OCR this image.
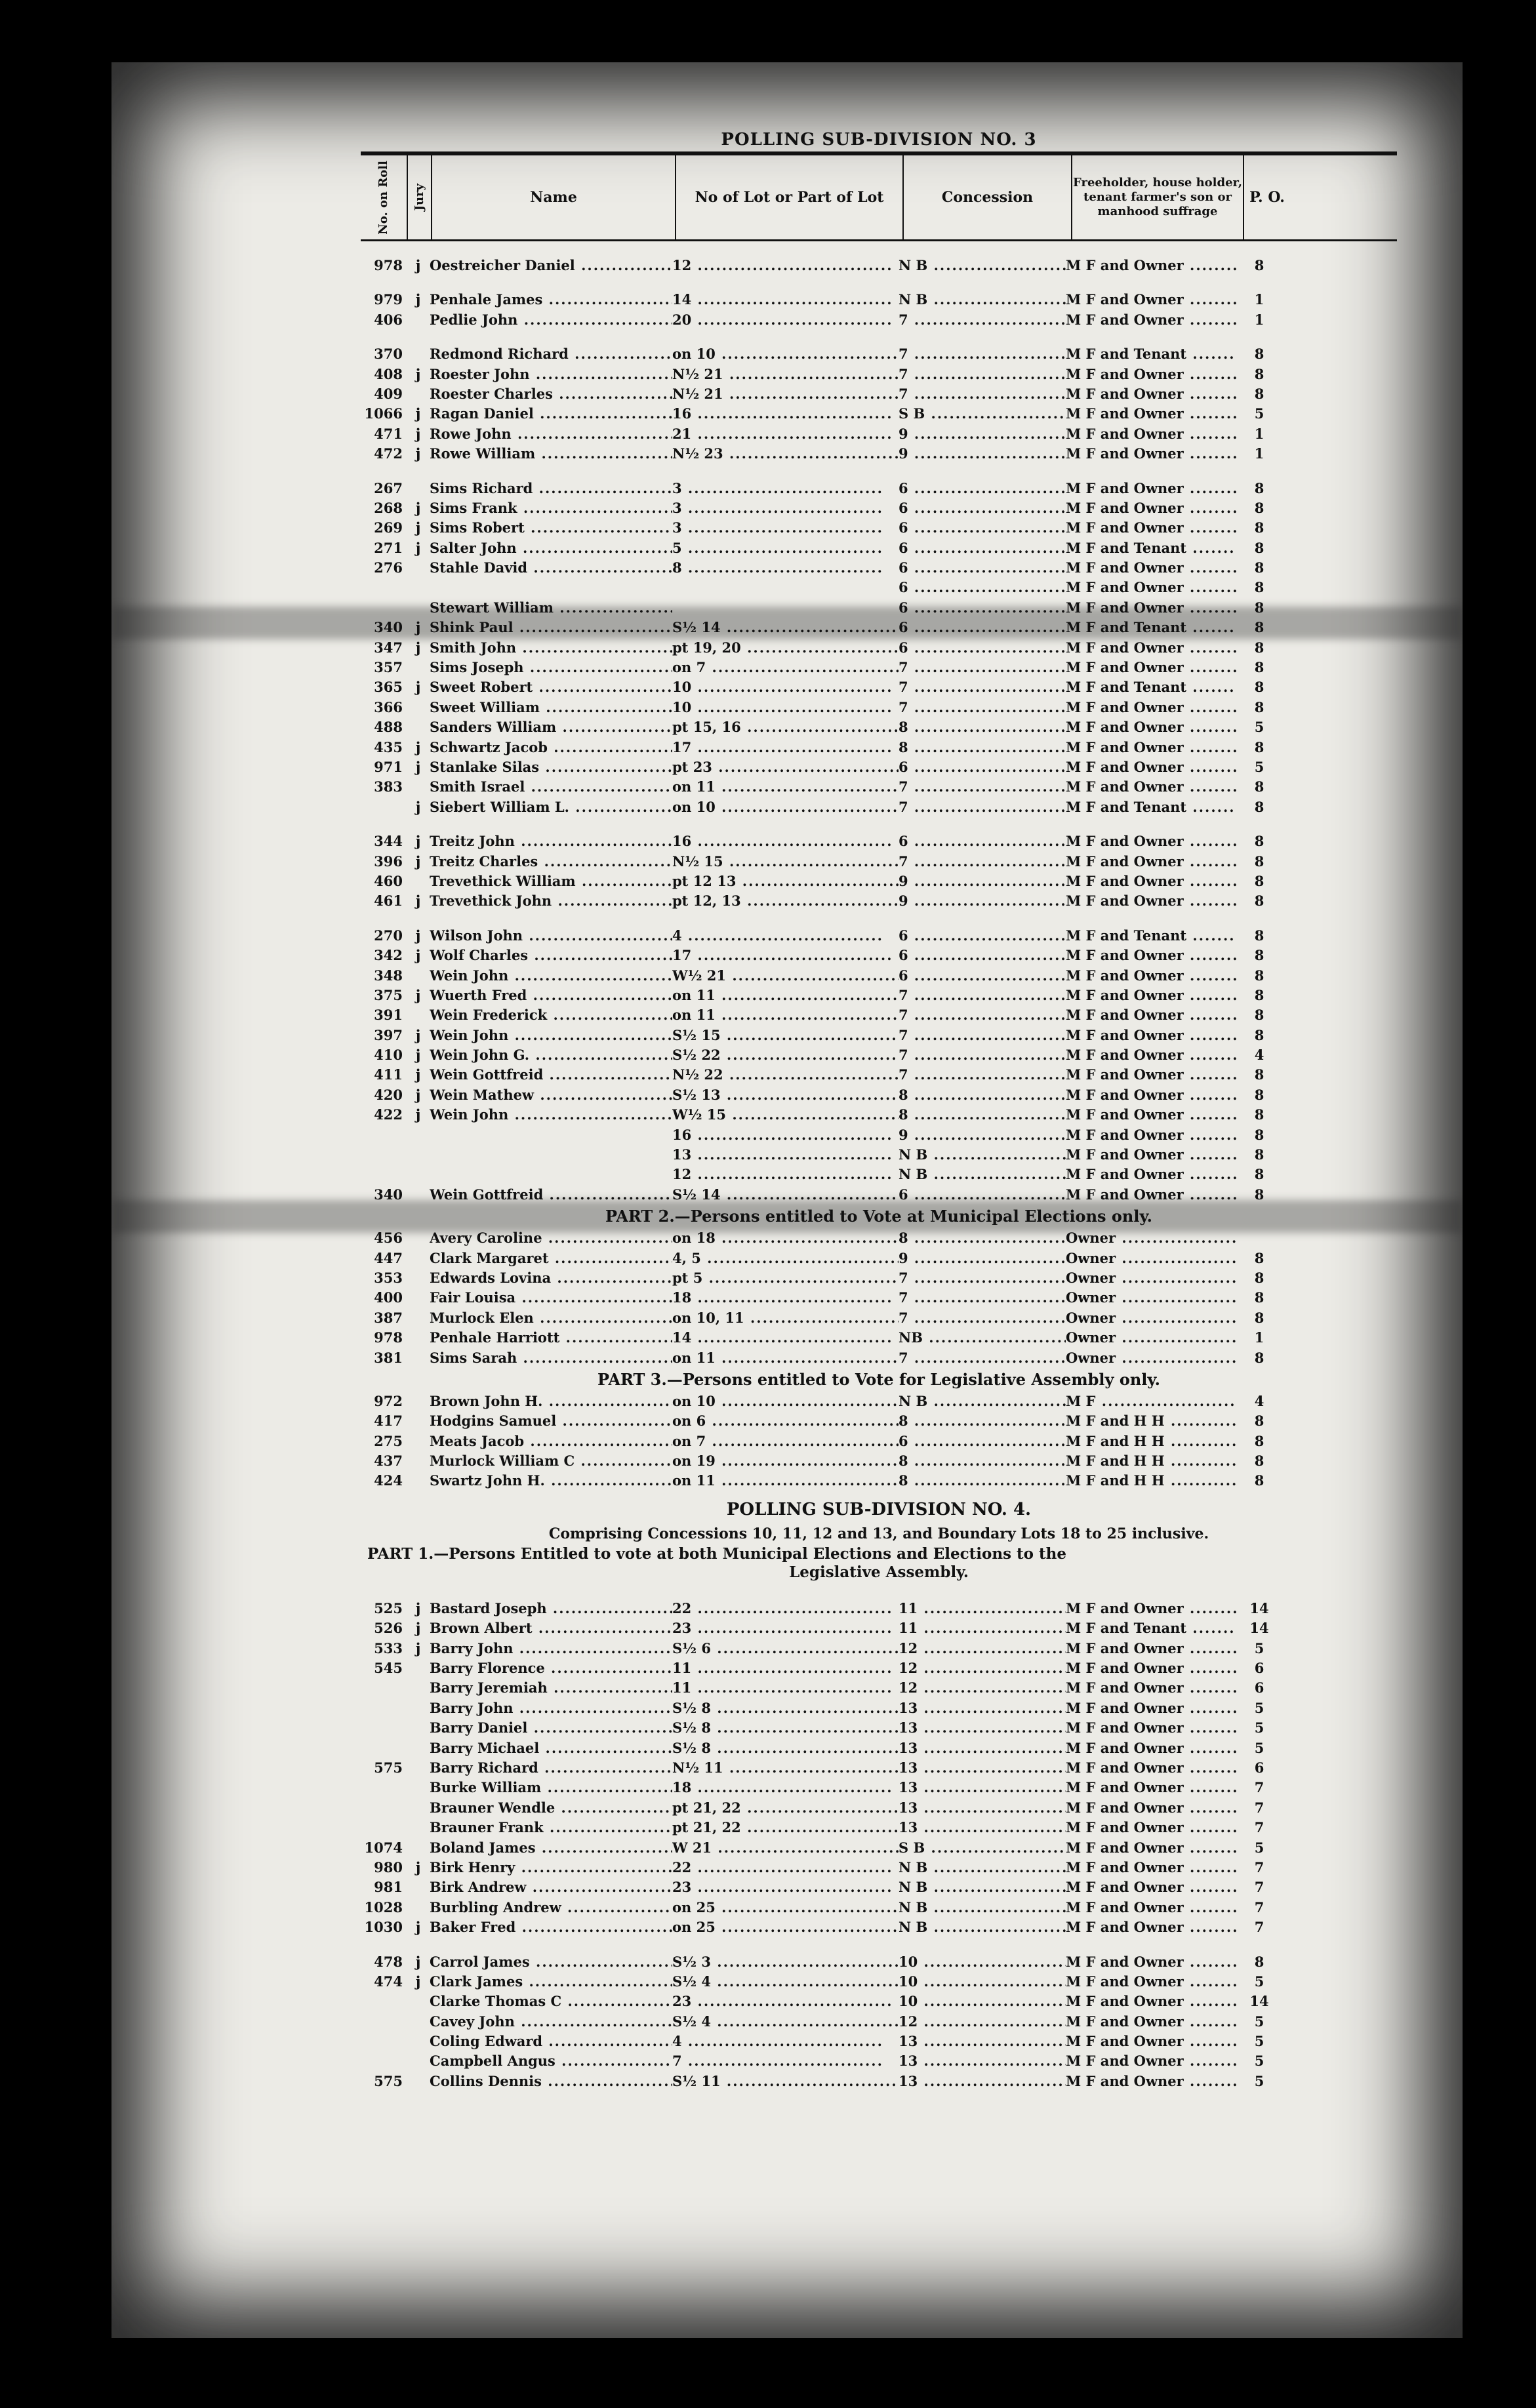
POLLING SUB-DIVISION NO. 3
No. on Roll Jury	Name	No of Lot or Part of Lot	Concession
Freeholder, house holder, tenant farmer's son or manhood suffrage
P. O.
978 j Oestreicher Daniel .....	12 .....	N B .....	M F and Owner .....	8
979 j Penhale James .....	14 .....	N B .....	M F and Owner .....	1
406 Pedlie John .....	20 .....	7 .....	M F and Owner .....	1
370 Redmond Richard .....	on 10 .....	7 .....	M F and Tenant .....	8
408 j Roester John .....	N½ 21 .....	7 .....	M F and Owner .....	8
409 Roester Charles .....	N½ 21 .....	7 .....	M F and Owner .....	8
1066 j Ragan Daniel .....	16 .....	S B .....	M F and Owner .....	5
471 j Rowe John .....	21 .....	9 .....	M F and Owner .....	1
472 j Rowe William .....	N½ 23 .....	9 .....	M F and Owner .....	1
267 Sims Richard .....	3 .....	6 .....	M F and Owner .....	8
268 j Sims Frank .....	3 .....	6 .....	M F and Owner .....	8
269 j Sims Robert .....	3 .....	6 .....	M F and Owner .....	8
271 j Salter John .....	5 .....	6 .....	M F and Tenant .....	8
276 Stahle David .....	8 .....	6 .....	M F and Owner .....	8
6 .....	M F and Owner .....	8
Stewart William .....	6 .....	M F and Owner .....	8
340 j Shink Paul .....	S½ 14 .....	6 .....	M F and Tenant .....	8
347 j Smith John .....	pt 19, 20 .....	6 .....	M F and Owner .....	8
357 Sims Joseph .....	on 7 .....	7 .....	M F and Owner .....	8
365 j Sweet Robert .....	10 .....	7 .....	M F and Tenant .....	8
366 Sweet William .....	10 .....	7 .....	M F and Owner .....	8
488 Sanders William .....	pt 15, 16 .....	8 .....	M F and Owner .....	5
435 j Schwartz Jacob .....	17 .....	8 .....	M F and Owner .....	8
971 j Stanlake Silas .....	pt 23 .....	6 .....	M F and Owner .....	5
383 Smith Israel .....	on 11 .....	7 .....	M F and Owner .....	8
j Siebert William L. .....	on 10 .....	7 .....	M F and Tenant .....	8
344 j Treitz John .....	16 .....	6 .....	M F and Owner .....	8
396 j Treitz Charles .....	N½ 15 .....	7 .....	M F and Owner .....	8
460 Trevethick William .....	pt 12 13 .....	9 .....	M F and Owner .....	8
461 j Trevethick John .....	pt 12, 13 .....	9 .....	M F and Owner .....	8
270 j Wilson John .....	4 .....	6 .....	M F and Tenant .....	8
342 j Wolf Charles .....	17 .....	6 .....	M F and Owner .....	8
348 Wein John .....	W½ 21 .....	6 .....	M F and Owner .....	8
375 j Wuerth Fred .....	on 11 .....	7 .....	M F and Owner .....	8
391 Wein Frederick .....	on 11 .....	7 .....	M F and Owner .....	8
397 j Wein John .....	S½ 15 .....	7 .....	M F and Owner .....	8
410 j Wein John G. .....	S½ 22 .....	7 .....	M F and Owner .....	4
411 j Wein Gottfreid .....	N½ 22 .....	7 .....	M F and Owner .....	8
420 j Wein Mathew .....	S½ 13 .....	8 .....	M F and Owner .....	8
422 j Wein John .....	W½ 15 .....	8 .....	M F and Owner .....	8
16 .....	9 .....	M F and Owner .....	8
13 .....	N B .....	M F and Owner .....	8
12 .....	N B .....	M F and Owner .....	8
340 Wein Gottfreid .....	S½ 14 .....	6 .....	M F and Owner .....	8
PART 2.—Persons entitled to Vote at Municipal Elections only.
456 Avery Caroline .....	on 18 .....	8 .....	Owner .....
447 Clark Margaret .....	4, 5 .....	9 .....	Owner .....	8
353 Edwards Lovina .....	pt 5 .....	7 .....	Owner .....	8
400 Fair Louisa .....	18 .....	7 .....	Owner .....	8
387 Murlock Elen .....	on 10, 11 .....	7 .....	Owner .....	8
978 Penhale Harriott .....	14 .....	NB .....	Owner .....	1
381 Sims Sarah .....	on 11 .....	7 .....	Owner .....	8
PART 3.—Persons entitled to Vote for Legislative Assembly only.
972 Brown John H. .....	on 10 .....	N B .....	M F .....	4
417 Hodgins Samuel .....	on 6 .....	8 .....	M F and H H .....	8
275 Meats Jacob .....	on 7 .....	6 .....	M F and H H .....	8
437 Murlock William C .....	on 19 .....	8 .....	M F and H H .....	8
424 Swartz John H. .....	on 11 .....	8 .....	M F and H H .....	8
POLLING SUB-DIVISION NO. 4.
Comprising Concessions 10, 11, 12 and 13, and Boundary Lots 18 to 25 inclusive.
PART 1.—Persons Entitled to vote at both Municipal Elections and Elections to the
Legislative Assembly.
525 j Bastard Joseph .....	22 .....	11 .....	M F and Owner .....	14
526 j Brown Albert .....	23 .....	11 .....	M F and Tenant .....	14
533 j Barry John .....	S½ 6 .....	12 .....	M F and Owner .....	5
545 Barry Florence .....	11 .....	12 .....	M F and Owner .....	6
Barry Jeremiah .....	11 .....	12 .....	M F and Owner .....	6
Barry John .....	S½ 8 .....	13 .....	M F and Owner .....	5
Barry Daniel .....	S½ 8 .....	13 .....	M F and Owner .....	5
Barry Michael .....	S½ 8 .....	13 .....	M F and Owner .....	5
575 Barry Richard .....	N½ 11 .....	13 .....	M F and Owner .....	6
Burke William .....	18 .....	13 .....	M F and Owner .....	7
Brauner Wendle .....	pt 21, 22 .....	13 .....	M F and Owner .....	7
Brauner Frank .....	pt 21, 22 .....	13 .....	M F and Owner .....	7
1074 Boland James .....	W 21 .....	S B .....	M F and Owner .....	5
980 j Birk Henry .....	22 .....	N B .....	M F and Owner .....	7
981 Birk Andrew .....	23 .....	N B .....	M F and Owner .....	7
1028 Burbling Andrew .....	on 25 .....	N B .....	M F and Owner .....	7
1030 j Baker Fred .....	on 25 .....	N B .....	M F and Owner .....	7
478 j Carrol James .....	S½ 3 .....	10 .....	M F and Owner .....	8
474 j Clark James .....	S½ 4 .....	10 .....	M F and Owner .....	5
Clarke Thomas C .....	23 .....	10 .....	M F and Owner .....	14
Cavey John .....	S½ 4 .....	12 .....	M F and Owner .....	5
Coling Edward .....	4 .....	13 .....	M F and Owner .....	5
Campbell Angus .....	7 .....	13 .....	M F and Owner .....	5
575 Collins Dennis .....	S½ 11 .....	13 .....	M F and Owner .....	5
